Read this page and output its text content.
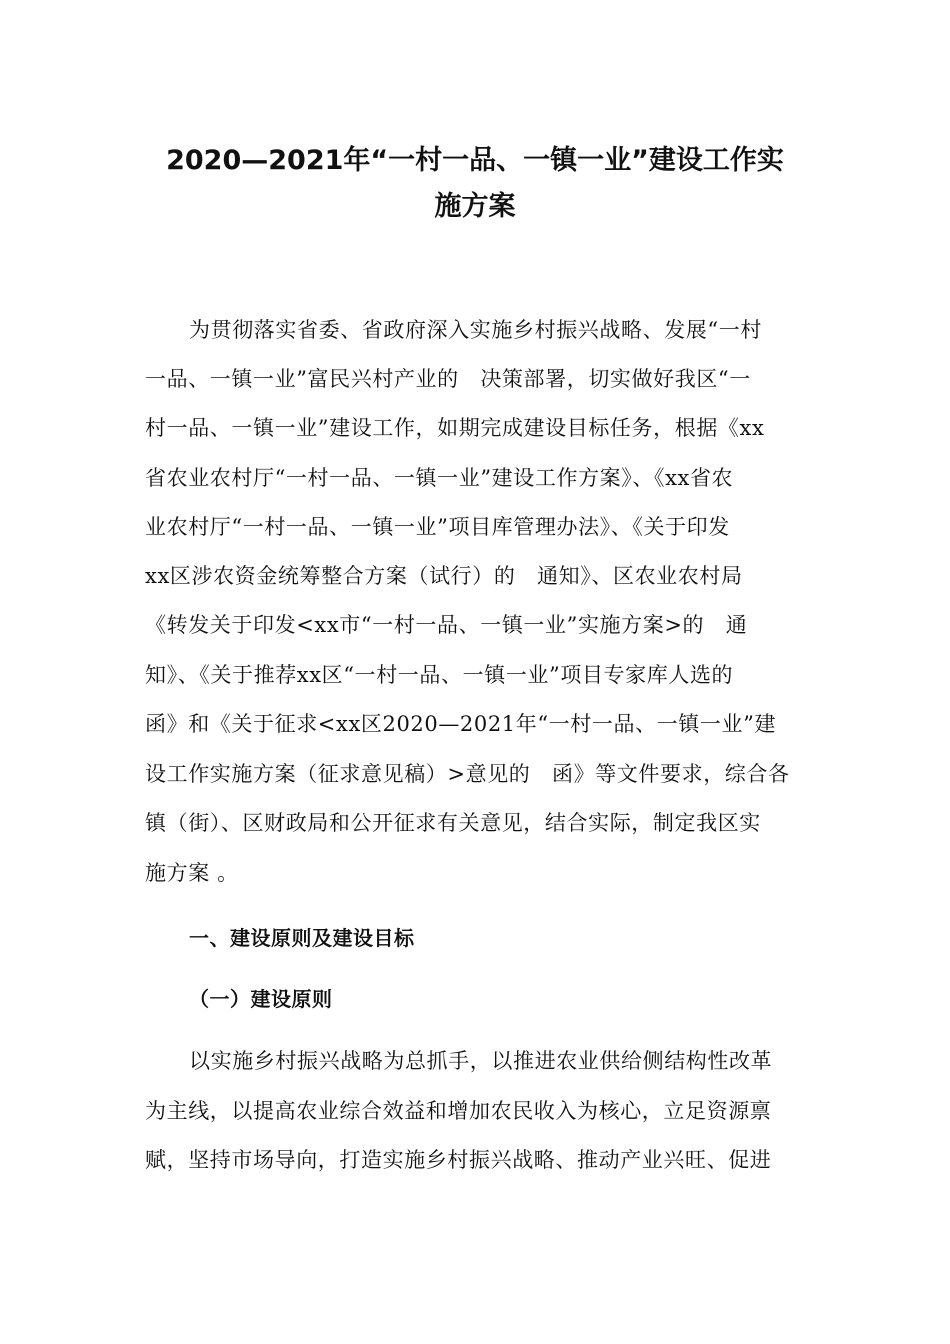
2020—2021年“一村一品、一镇一业”建设工作实
施方案
为贯彻落实省委、省政府深入实施乡村振兴战略、发展“一村
一品、一镇一业”富民兴村产业的　决策部署，切实做好我区“一
村一品、一镇一业”建设工作，如期完成建设目标任务，根据《xx
省农业农村厅“一村一品、一镇一业”建设工作方案》、《xx省农
业农村厅“一村一品、一镇一业”项目库管理办法》、《关于印发
xx区涉农资金统筹整合方案（试行）的　通知》、区农业农村局
《转发关于印发<xx市“一村一品、一镇一业”实施方案>的　通
知》、《关于推荐xx区“一村一品、一镇一业”项目专家库人选的
函》和《关于征求<xx区2020—2021年“一村一品、一镇一业”建
设工作实施方案（征求意见稿）>意见的　函》等文件要求，综合各
镇（街）、区财政局和公开征求有关意见，结合实际，制定我区实
施方案 。
一、建设原则及建设目标
（一）建设原则
以实施乡村振兴战略为总抓手，以推进农业供给侧结构性改革
为主线，以提高农业综合效益和增加农民收入为核心，立足资源禀
赋，坚持市场导向，打造实施乡村振兴战略、推动产业兴旺、促进
